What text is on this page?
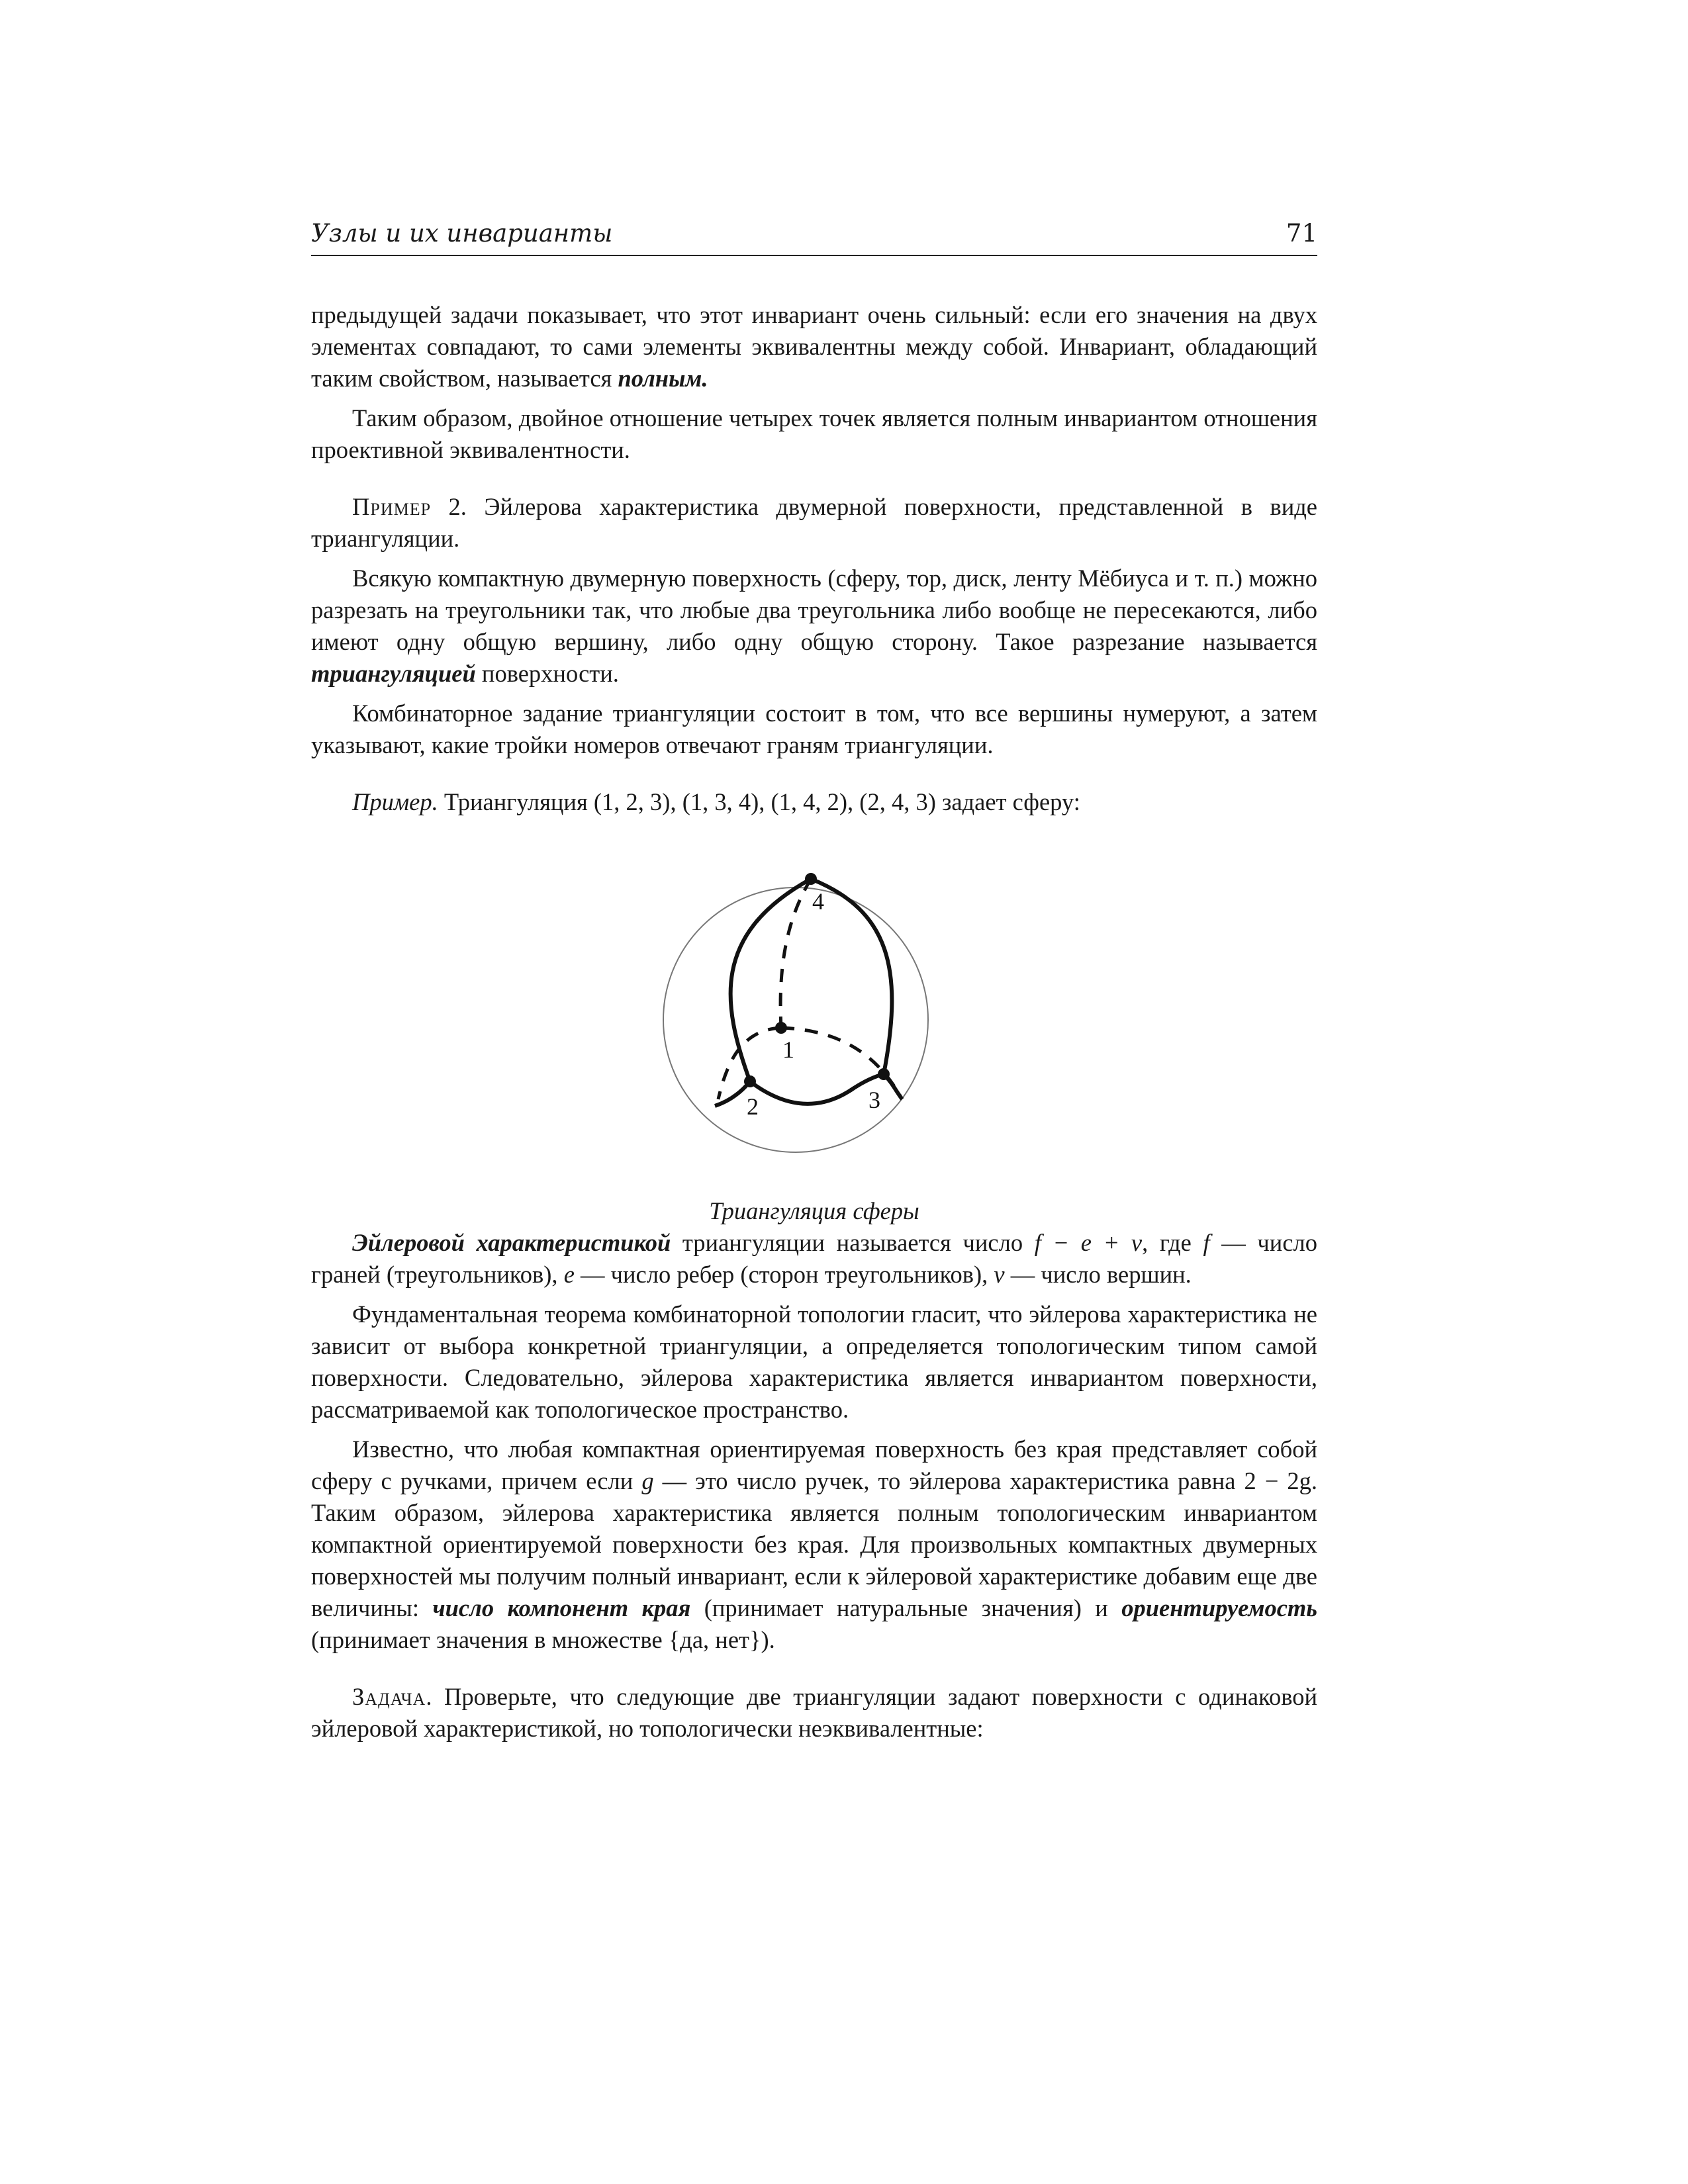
Узлы и их инварианты	71

предыдущей задачи показывает, что этот инвариант очень сильный: если его значения на двух элементах совпадают, то сами элементы эквивалентны между собой. Инвариант, обладающий таким свойством, называется полным.

Таким образом, двойное отношение четырех точек является полным инвариантом отношения проективной эквивалентности.

Пример 2. Эйлерова характеристика двумерной поверхности, представленной в виде триангуляции.

Всякую компактную двумерную поверхность (сферу, тор, диск, ленту Мёбиуса и т. п.) можно разрезать на треугольники так, что любые два треугольника либо вообще не пересекаются, либо имеют одну общую вершину, либо одну общую сторону. Такое разрезание называется триангуляцией поверхности.

Комбинаторное задание триангуляции состоит в том, что все вершины нумеруют, а затем указывают, какие тройки номеров отвечают граням триангуляции.

Пример. Триангуляция (1, 2, 3), (1, 3, 4), (1, 4, 2), (2, 4, 3) задает сферу:

4
1
2	3

Триангуляция сферы

Эйлеровой характеристикой триангуляции называется число f − e + v, где f — число граней (треугольников), e — число ребер (сторон треугольников), v — число вершин.

Фундаментальная теорема комбинаторной топологии гласит, что эйлерова характеристика не зависит от выбора конкретной триангуляции, а определяется топологическим типом самой поверхности. Следовательно, эйлерова характеристика является инвариантом поверхности, рассматриваемой как топологическое пространство.

Известно, что любая компактная ориентируемая поверхность без края представляет собой сферу с ручками, причем если g — это число ручек, то эйлерова характеристика равна 2 − 2g. Таким образом, эйлерова характеристика является полным топологическим инвариантом компактной ориентируемой поверхности без края. Для произвольных компактных двумерных поверхностей мы получим полный инвариант, если к эйлеровой характеристике добавим еще две величины: число компонент края (принимает натуральные значения) и ориентируемость (принимает значения в множестве {да, нет}).

Задача. Проверьте, что следующие две триангуляции задают поверхности с одинаковой эйлеровой характеристикой, но топологически неэквивалентные:
